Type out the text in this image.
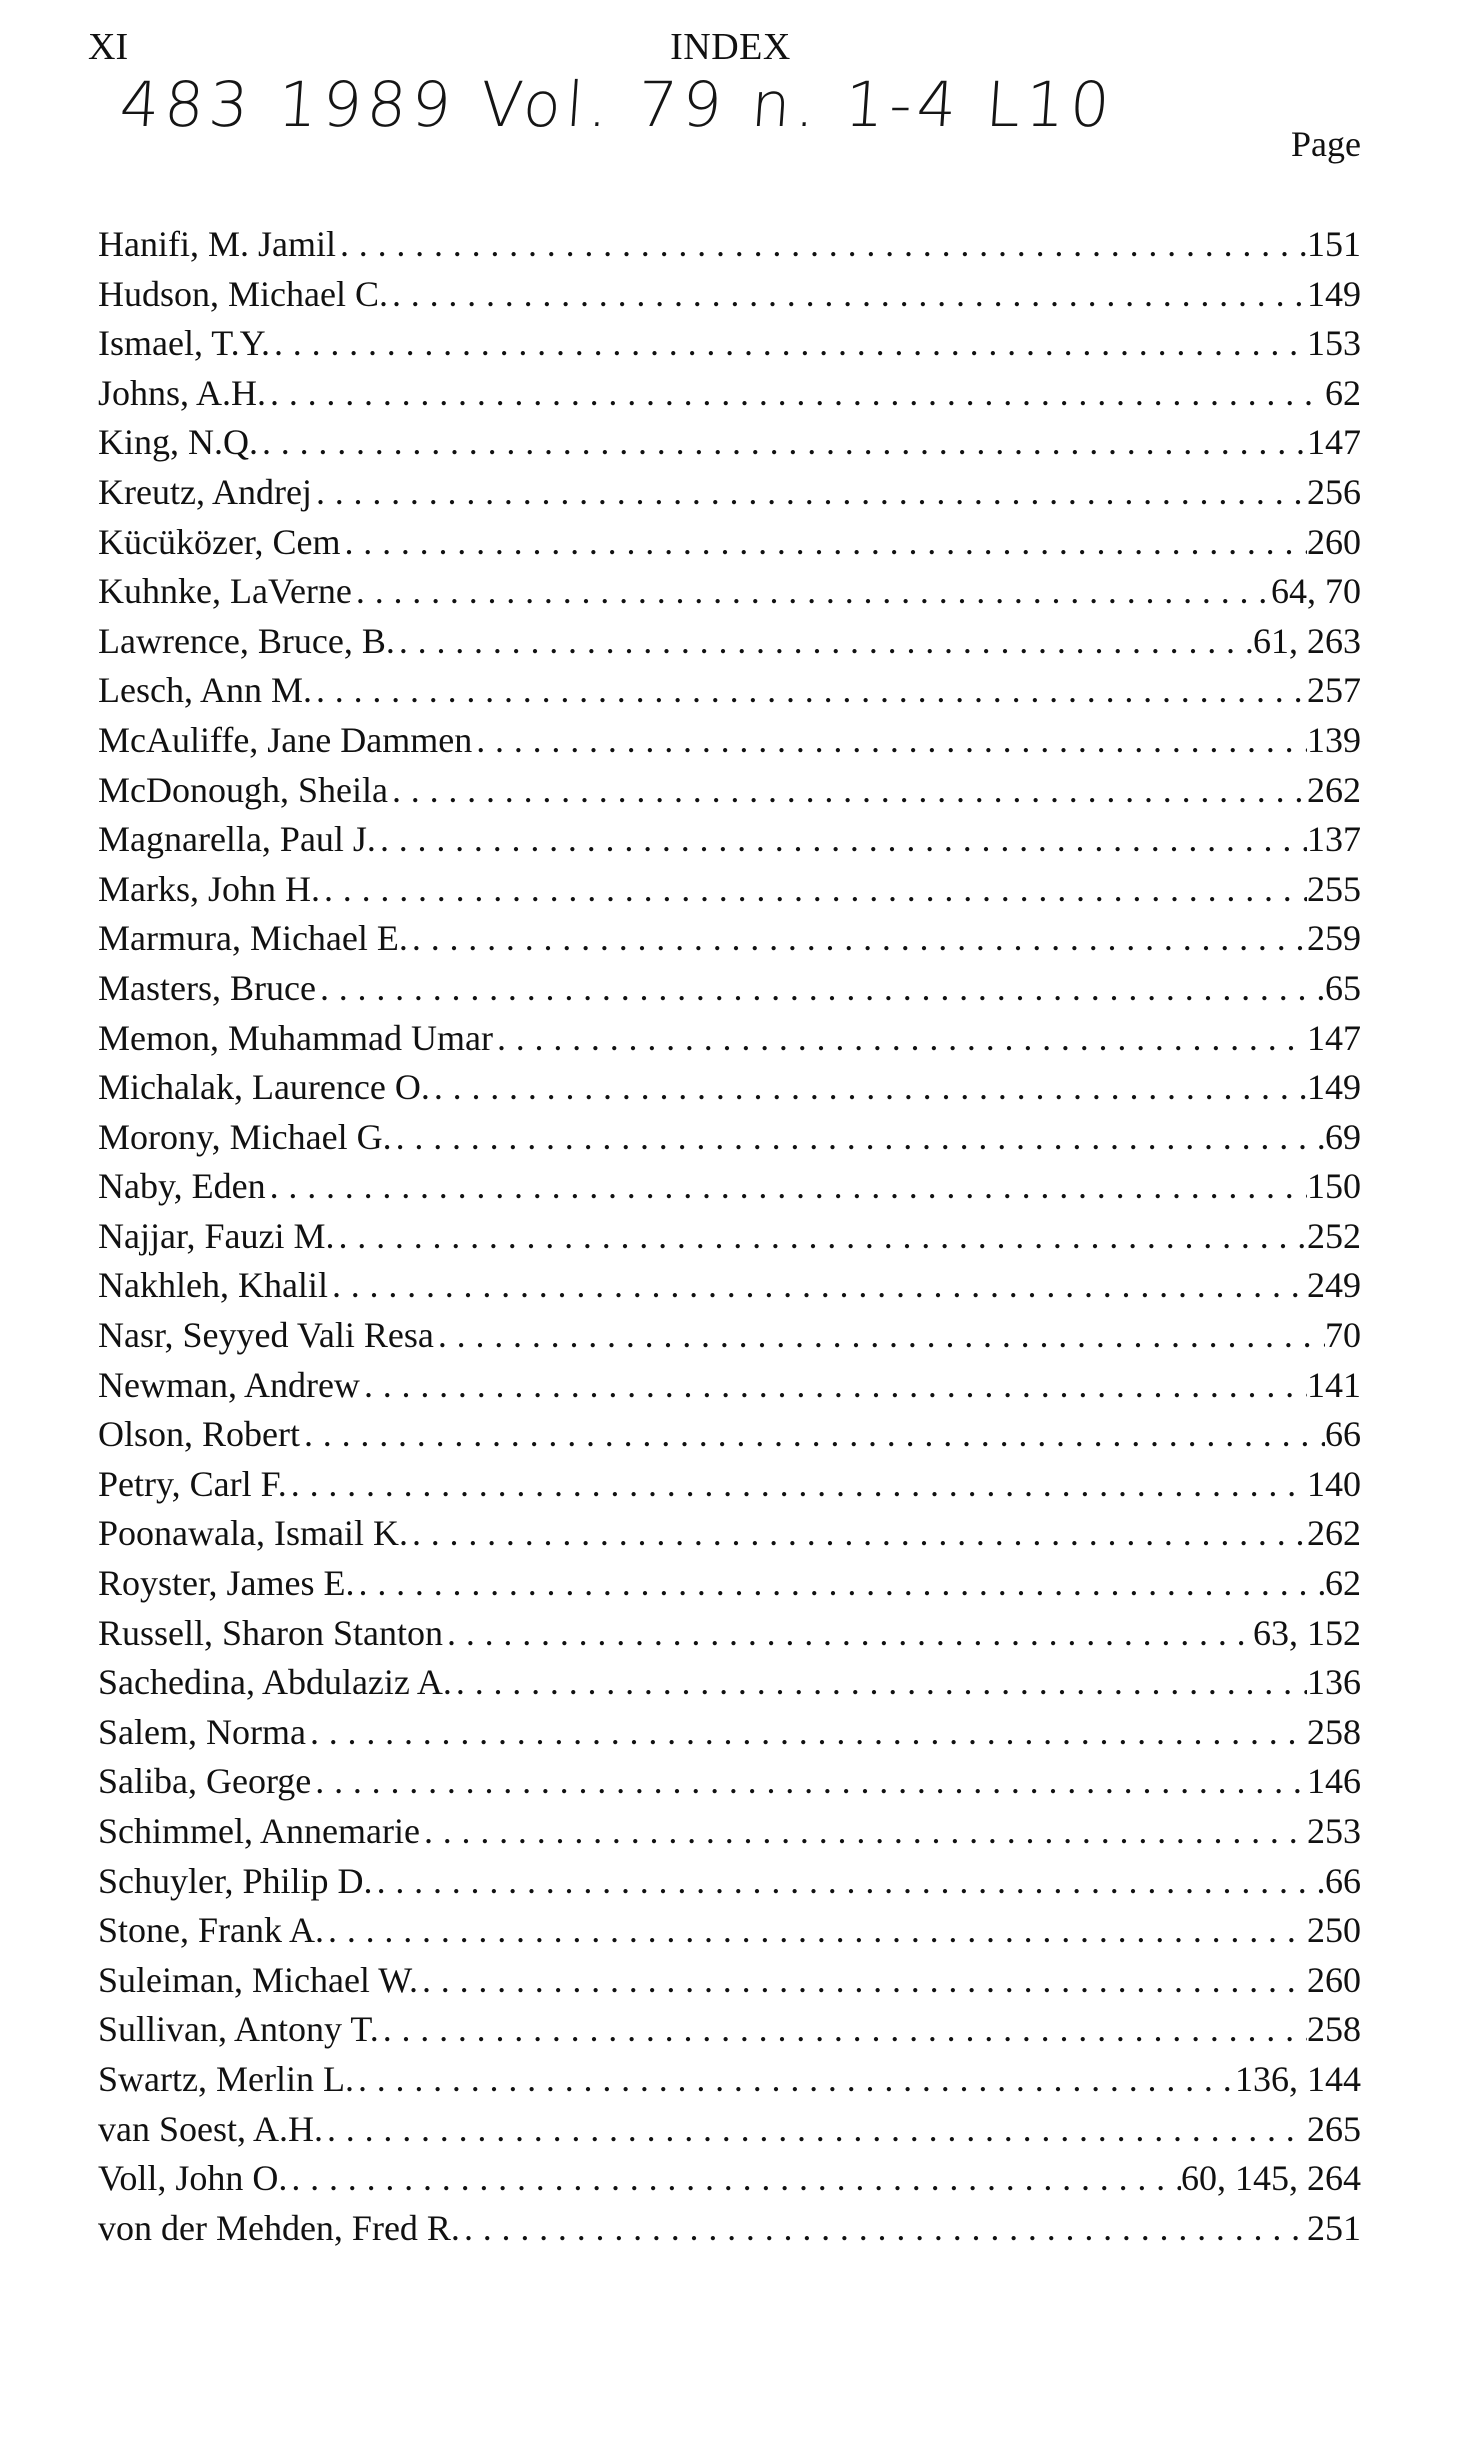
XI	INDEX
483 1989 Vol. 79 n. 1-4 L10
Page
Hanifi, M. Jamil . . .	151
Hudson, Michael C. . . .	149
Ismael, T.Y. . . .	153
Johns, A.H. . . .	62
King, N.Q. . . .	147
Kreutz, Andrej . . .	256
Kücüközer, Cem . . .	260
Kuhnke, LaVerne . . .	64, 70
Lawrence, Bruce, B. . . .	61, 263
Lesch, Ann M. . . .	257
McAuliffe, Jane Dammen . . .	139
McDonough, Sheila . . .	262
Magnarella, Paul J. . . .	137
Marks, John H. . . .	255
Marmura, Michael E. . . .	259
Masters, Bruce . . .	65
Memon, Muhammad Umar . . .	147
Michalak, Laurence O. . . .	149
Morony, Michael G. . . .	69
Naby, Eden . . .	150
Najjar, Fauzi M. . . .	252
Nakhleh, Khalil . . .	249
Nasr, Seyyed Vali Resa . . .	70
Newman, Andrew . . .	141
Olson, Robert . . .	66
Petry, Carl F. . . .	140
Poonawala, Ismail K. . . .	262
Royster, James E. . . .	62
Russell, Sharon Stanton . . .	63, 152
Sachedina, Abdulaziz A. . . .	136
Salem, Norma . . .	258
Saliba, George . . .	146
Schimmel, Annemarie . . .	253
Schuyler, Philip D. . . .	66
Stone, Frank A. . . .	250
Suleiman, Michael W. . . .	260
Sullivan, Antony T. . . .	258
Swartz, Merlin L. . . .	136, 144
van Soest, A.H. . . .	265
Voll, John O. . . .	60, 145, 264
von der Mehden, Fred R. . . .	251
